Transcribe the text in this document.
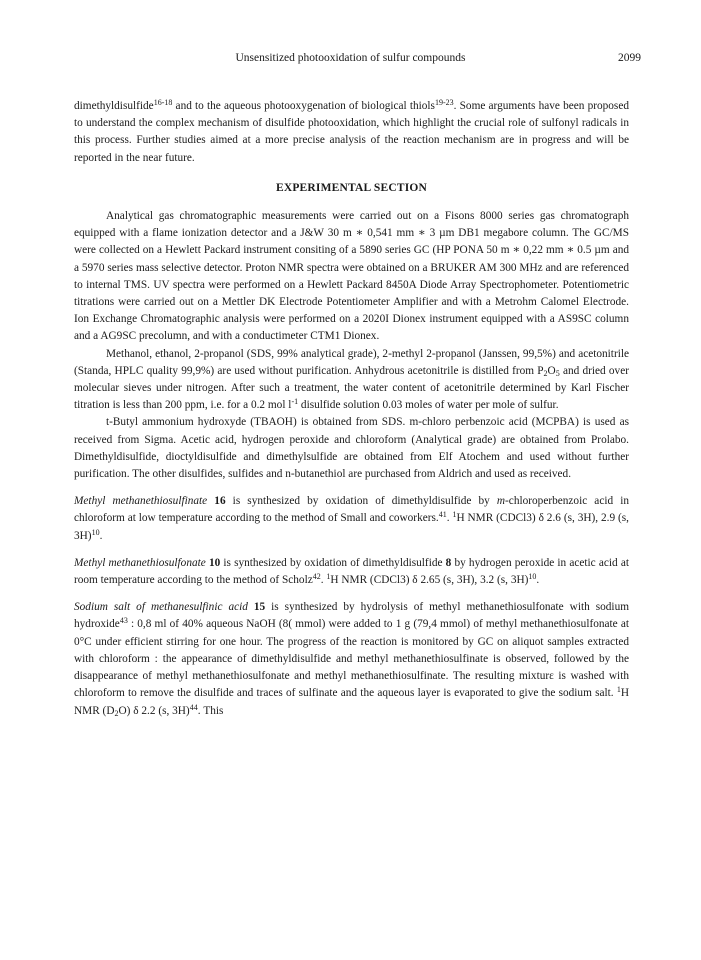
Unsensitized photooxidation of sulfur compounds	2099

dimethyldisulfide$^{16-18}$ and to the aqueous photooxygenation of biological thiols$^{19-23}$. Some arguments have been proposed to understand the complex mechanism of disulfide photooxidation, which highlight the crucial role of sulfonyl radicals in this process. Further studies aimed at a more precise analysis of the reaction mechanism are in progress and will be reported in the near future.

EXPERIMENTAL SECTION

Analytical gas chromatographic measurements were carried out on a Fisons 8000 series gas chromatograph equipped with a flame ionization detector and a J&W 30 m ∗ 0,541 mm ∗ 3 µm DB1 megabore column. The GC/MS were collected on a Hewlett Packard instrument consiting of a 5890 series GC (HP PONA 50 m ∗ 0,22 mm ∗ 0.5 µm and a 5970 series mass selective detector. Proton NMR spectra were obtained on a BRUKER AM 300 MHz and are referenced to internal TMS. UV spectra were performed on a Hewlett Packard 8450A Diode Array Spectrophometer. Potentiometric titrations were carried out on a Mettler DK Electrode Potentiometer Amplifier and with a Metrohm Calomel Electrode. Ion Exchange Chromatographic analysis were performed on a 2020I Dionex instrument equipped with a AS9SC column and a AG9SC precolumn, and with a conductimeter CTM1 Dionex.

Methanol, ethanol, 2-propanol (SDS, 99% analytical grade), 2-methyl 2-propanol (Janssen, 99,5%) and acetonitrile (Standa, HPLC quality 99,9%) are used without purification. Anhydrous acetonitrile is distilled from $P_2O_5$ and dried over molecular sieves under nitrogen. After such a treatment, the water content of acetonitrile determined by Karl Fischer titration is less than 200 ppm, i.e. for a 0.2 mol $l^{-1}$ disulfide solution 0.03 moles of water per mole of sulfur.

t-Butyl ammonium hydroxyde (TBAOH) is obtained from SDS. m-chloro perbenzoic acid (MCPBA) is used as received from Sigma. Acetic acid, hydrogen peroxide and chloroform (Analytical grade) are obtained from Prolabo. Dimethyldisulfide, dioctyldisulfide and dimethylsulfide are obtained from Elf Atochem and used without further purification. The other disulfides, sulfides and n-butanethiol are purchased from Aldrich and used as received.

Methyl methanethiosulfinate 16 is synthesized by oxidation of dimethyldisulfide by m-chloroperbenzoic acid in chloroform at low temperature according to the method of Small and coworkers.$^{41}$. $^1$H NMR (CDCl3) δ 2.6 (s, 3H), 2.9 (s, 3H)$^{10}$.

Methyl methanethiosulfonate 10 is synthesized by oxidation of dimethyldisulfide 8 by hydrogen peroxide in acetic acid at room temperature according to the method of Scholz$^{42}$. $^1$H NMR (CDCl3) δ 2.65 (s, 3H), 3.2 (s, 3H)$^{10}$.

Sodium salt of methanesulfinic acid 15 is synthesized by hydrolysis of methyl methanethiosulfonate with sodium hydroxide$^{43}$ : 0,8 ml of 40% aqueous NaOH (8( mmol) were added to 1 g (79,4 mmol) of methyl methanethiosulfonate at 0°C under efficient stirring for one hour. The progress of the reaction is monitored by GC on aliquot samples extracted with chloroform : the appearance of dimethyldisulfide and methyl methanethiosulfinate is observed, followed by the disappearance of methyl methanethiosulfonate and methyl methanethiosulfinate. The resulting mixturɛ is washed with chloroform to remove the disulfide and traces of sulfinate and the aqueous layer is evaporated to give the sodium salt. $^1$H NMR $(D_2O)$ δ 2.2 (s, 3H)$^{44}$. This
